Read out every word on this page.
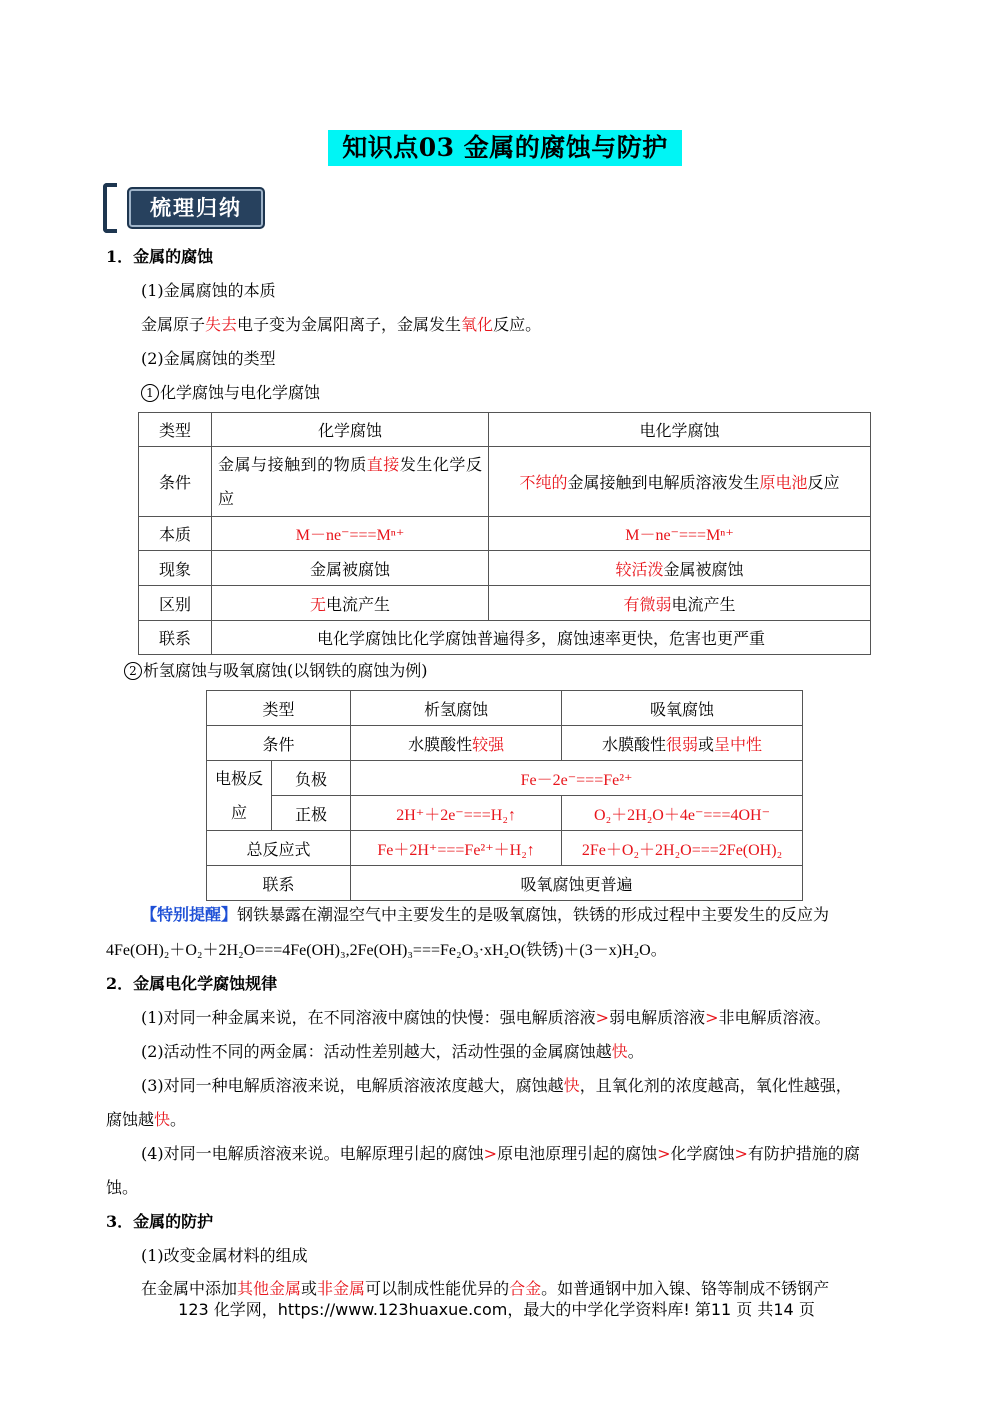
知识点03 金属的腐蚀与防护
梳理归纳
1．金属的腐蚀
(1)金属腐蚀的本质
金属原子失去电子变为金属阳离子，金属发生氧化反应。
(2)金属腐蚀的类型
1 化学腐蚀与电化学腐蚀
类型	化学腐蚀	电化学腐蚀
条件	金属与接触到的物质直接发生化学反应	不纯的金属接触到电解质溶液发生原电池反应
本质	M－ne⁻===Mⁿ⁺	M－ne⁻===Mⁿ⁺
现象	金属被腐蚀	较活泼金属被腐蚀
区别	无电流产生	有微弱电流产生
联系	电化学腐蚀比化学腐蚀普遍得多，腐蚀速率更快，危害也更严重	
2 析氢腐蚀与吸氧腐蚀(以钢铁的腐蚀为例)
类型		析氢腐蚀	吸氧腐蚀
条件		水膜酸性较强	水膜酸性很弱或呈中性
电极反应	负极	Fe－2e⁻===Fe²⁺	
	正极	2H⁺＋2e⁻===H₂↑	O₂＋2H₂O＋4e⁻===4OH⁻
总反应式		Fe＋2H⁺===Fe²⁺＋H₂↑	2Fe＋O₂＋2H₂O===2Fe(OH)₂
联系		吸氧腐蚀更普遍	
【特别提醒】钢铁暴露在潮湿空气中主要发生的是吸氧腐蚀，铁锈的形成过程中主要发生的反应为
4Fe(OH)₂＋O₂＋2H₂O===4Fe(OH)₃,2Fe(OH)₃===Fe₂O₃·xH₂O(铁锈)＋(3－x)H₂O。
2．金属电化学腐蚀规律
(1)对同一种金属来说，在不同溶液中腐蚀的快慢：强电解质溶液>弱电解质溶液>非电解质溶液。
(2)活动性不同的两金属：活动性差别越大，活动性强的金属腐蚀越快。
(3)对同一种电解质溶液来说，电解质溶液浓度越大，腐蚀越快，且氧化剂的浓度越高，氧化性越强，
腐蚀越快。
(4)对同一电解质溶液来说。电解原理引起的腐蚀>原电池原理引起的腐蚀>化学腐蚀>有防护措施的腐
蚀。
3．金属的防护
(1)改变金属材料的组成
在金属中添加其他金属或非金属可以制成性能优异的合金。如普通钢中加入镍、铬等制成不锈钢产
123 化学网，https://www.123huaxue.com，最大的中学化学资料库! 第11 页 共14 页
